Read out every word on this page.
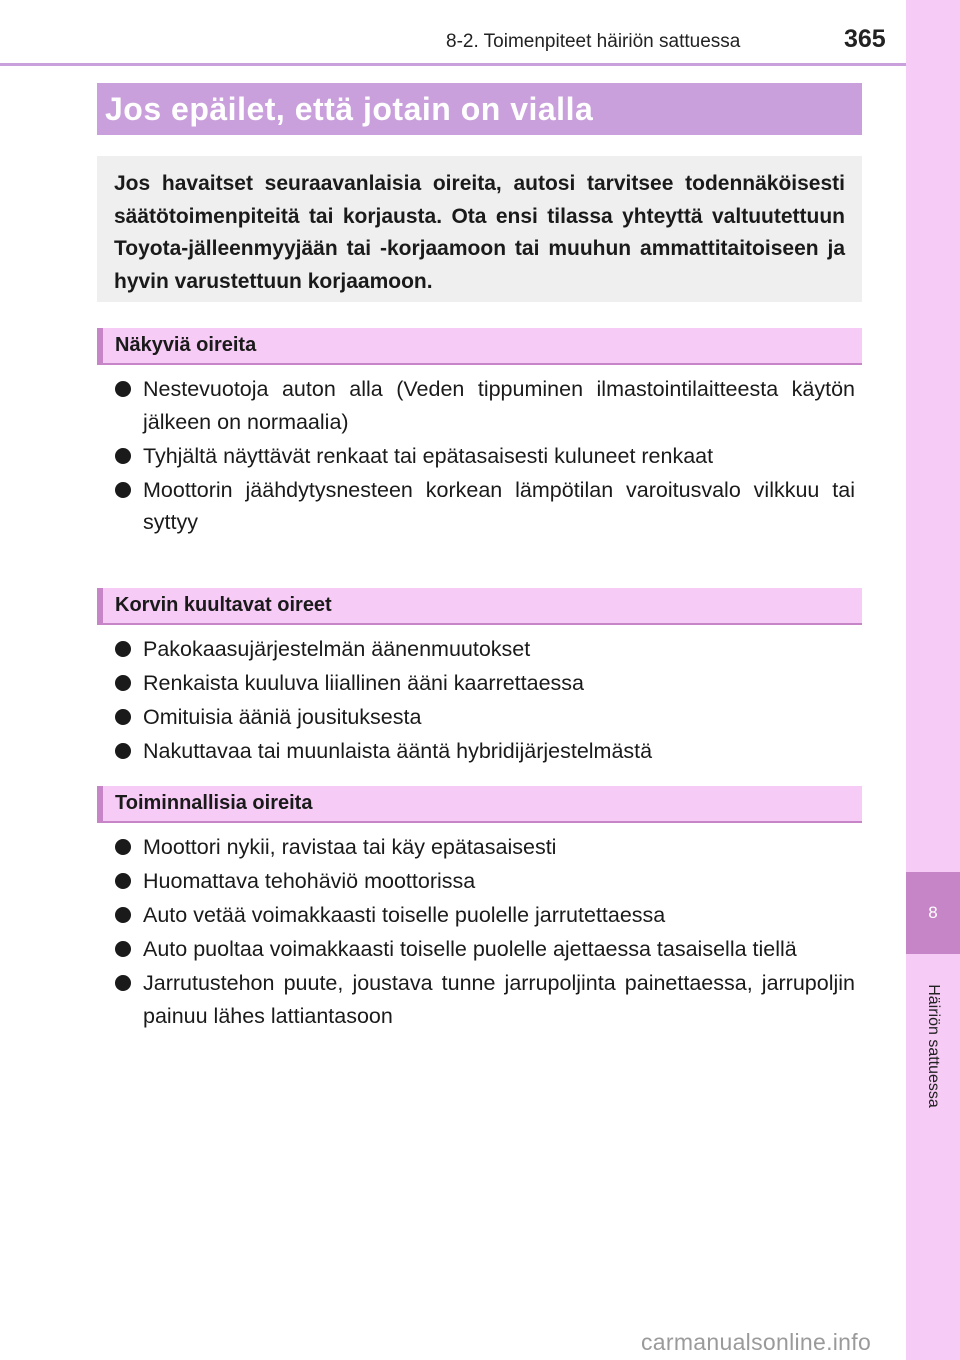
8-2. Toimenpiteet häiriön sattuessa	365
8
Häiriön sattuessa
Jos epäilet, että jotain on vialla
Jos havaitset seuraavanlaisia oireita, autosi tarvitsee todennäköisesti säätötoimenpiteitä tai korjausta. Ota ensi tilassa yhteyttä valtuutettuun Toyota-jälleenmyyjään tai -korjaamoon tai muuhun ammattitaitoiseen ja hyvin varustettuun korjaamoon.
Näkyviä oireita
Nestevuotoja auton alla (Veden tippuminen ilmastointilaitteesta käytön jälkeen on normaalia)
Tyhjältä näyttävät renkaat tai epätasaisesti kuluneet renkaat
Moottorin jäähdytysnesteen korkean lämpötilan varoitusvalo vilkkuu tai syttyy
Korvin kuultavat oireet
Pakokaasujärjestelmän äänenmuutokset
Renkaista kuuluva liiallinen ääni kaarrettaessa
Omituisia ääniä jousituksesta
Nakuttavaa tai muunlaista ääntä hybridijärjestelmästä
Toiminnallisia oireita
Moottori nykii, ravistaa tai käy epätasaisesti
Huomattava tehohäviö moottorissa
Auto vetää voimakkaasti toiselle puolelle jarrutettaessa
Auto puoltaa voimakkaasti toiselle puolelle ajettaessa tasaisella tiellä
Jarrutustehon puute, joustava tunne jarrupoljinta painettaessa, jarrupoljin painuu lähes lattiantasoon
carmanualsonline.info
